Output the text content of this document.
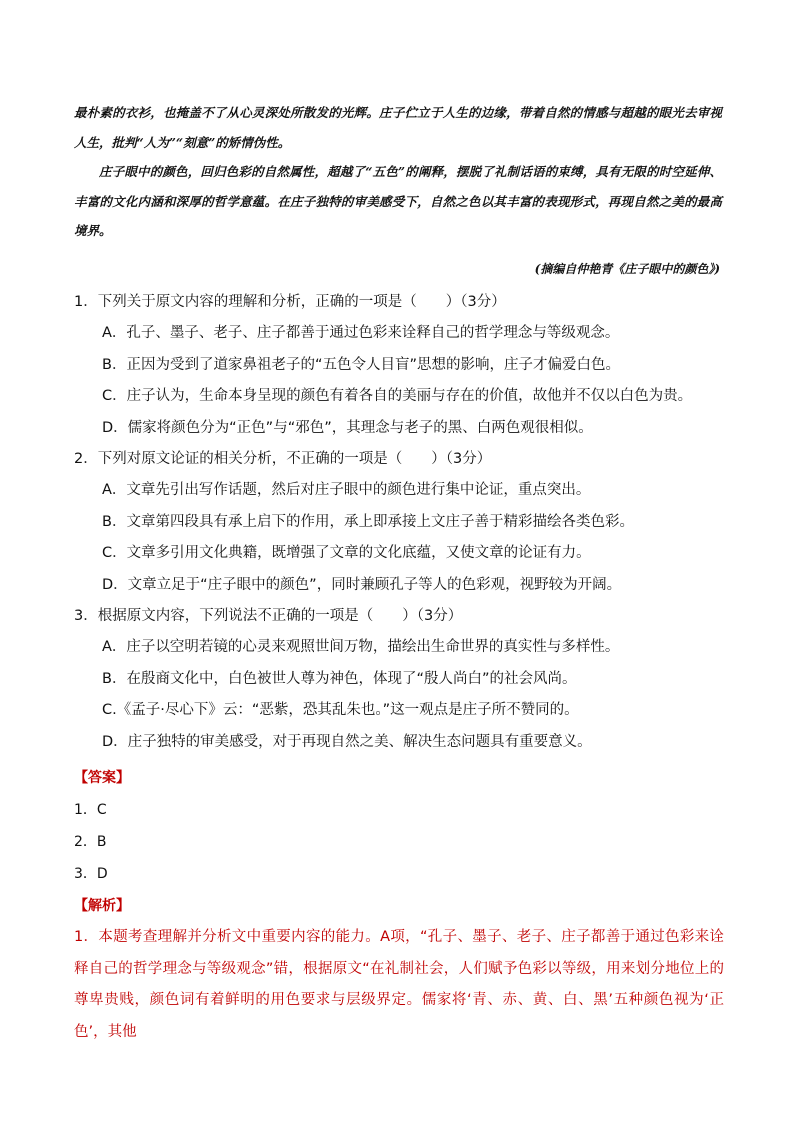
最朴素的衣衫，也掩盖不了从心灵深处所散发的光辉。庄子伫立于人生的边缘，带着自然的情感与超越的眼光去审视人生，批判“人为”“刻意”的矫情伪性。

庄子眼中的颜色，回归色彩的自然属性，超越了“五色”的阐释，摆脱了礼制话语的束缚，具有无限的时空延伸、丰富的文化内涵和深厚的哲学意蕴。在庄子独特的审美感受下，自然之色以其丰富的表现形式，再现自然之美的最高境界。

(摘编自仲艳青《庄子眼中的颜色》)

1．下列关于原文内容的理解和分析，正确的一项是（　　）（3分）

A．孔子、墨子、老子、庄子都善于通过色彩来诠释自己的哲学理念与等级观念。

B．正因为受到了道家鼻祖老子的“五色令人目盲”思想的影响，庄子才偏爱白色。

C．庄子认为，生命本身呈现的颜色有着各自的美丽与存在的价值，故他并不仅以白色为贵。

D．儒家将颜色分为“正色”与“邪色”，其理念与老子的黑、白两色观很相似。

2．下列对原文论证的相关分析，不正确的一项是（　　）（3分）

A．文章先引出写作话题，然后对庄子眼中的颜色进行集中论证，重点突出。

B．文章第四段具有承上启下的作用，承上即承接上文庄子善于精彩描绘各类色彩。

C．文章多引用文化典籍，既增强了文章的文化底蕴，又使文章的论证有力。

D．文章立足于“庄子眼中的颜色”，同时兼顾孔子等人的色彩观，视野较为开阔。

3．根据原文内容，下列说法不正确的一项是（　　）（3分）

A．庄子以空明若镜的心灵来观照世间万物，描绘出生命世界的真实性与多样性。

B．在殷商文化中，白色被世人尊为神色，体现了“殷人尚白”的社会风尚。

C.《孟子·尽心下》云：“恶紫，恐其乱朱也。”这一观点是庄子所不赞同的。

D．庄子独特的审美感受，对于再现自然之美、解决生态问题具有重要意义。

【答案】
1．C
2．B
3．D
【解析】

1．本题考查理解并分析文中重要内容的能力。A项，“孔子、墨子、老子、庄子都善于通过色彩来诠释自己的哲学理念与等级观念”错，根据原文“在礼制社会，人们赋予色彩以等级，用来划分地位上的尊卑贵贱，颜色词有着鲜明的用色要求与层级界定。儒家将‘青、赤、黄、白、黑’五种颜色视为‘正色’，其他
